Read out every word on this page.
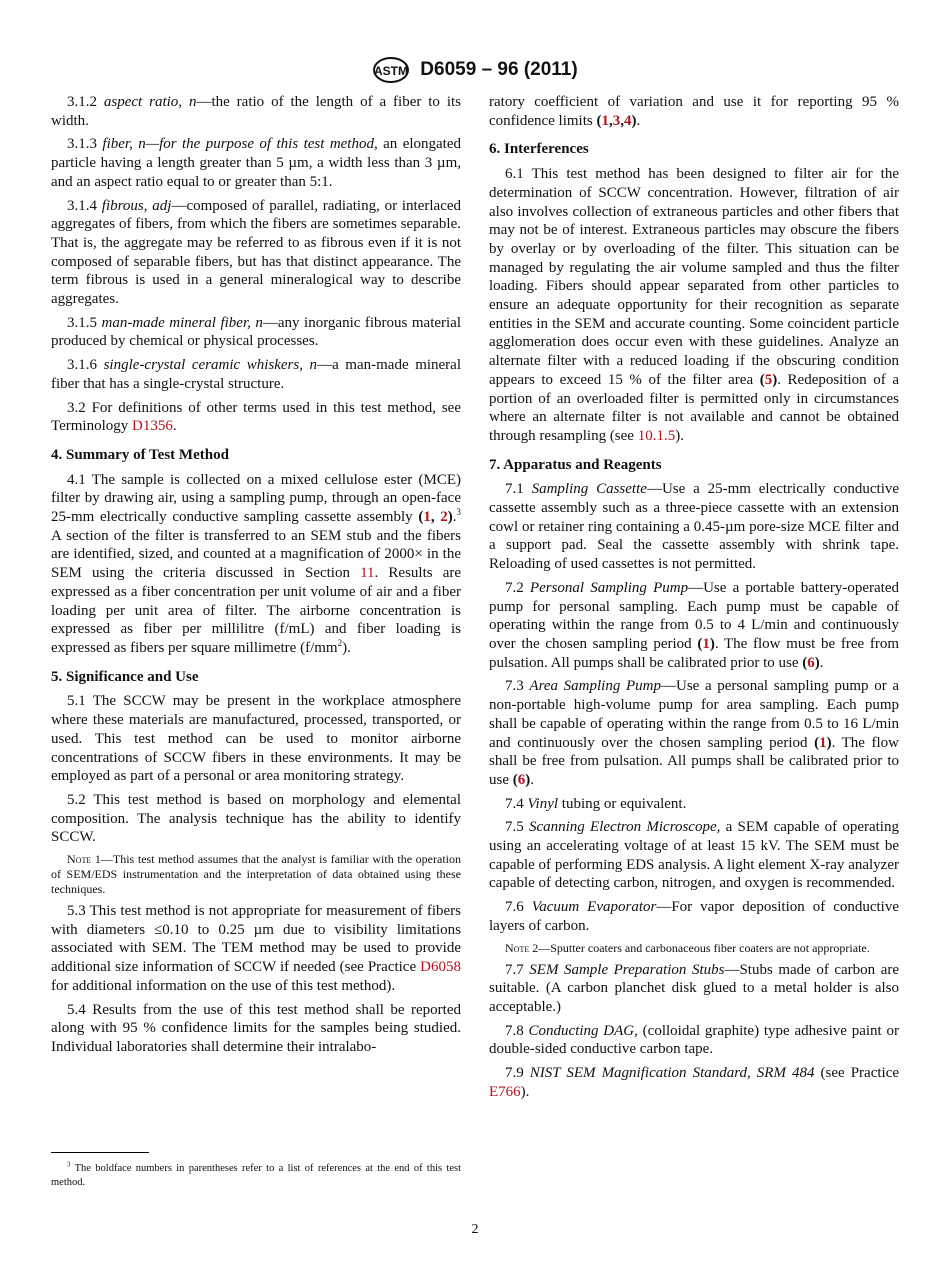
ASTM D6059 – 96 (2011)
3.1.2 aspect ratio, n—the ratio of the length of a fiber to its width.
3.1.3 fiber, n—for the purpose of this test method, an elongated particle having a length greater than 5 µm, a width less than 3 µm, and an aspect ratio equal to or greater than 5:1.
3.1.4 fibrous, adj—composed of parallel, radiating, or interlaced aggregates of fibers, from which the fibers are sometimes separable. That is, the aggregate may be referred to as fibrous even if it is not composed of separable fibers, but has that distinct appearance. The term fibrous is used in a general mineralogical way to describe aggregates.
3.1.5 man-made mineral fiber, n—any inorganic fibrous material produced by chemical or physical processes.
3.1.6 single-crystal ceramic whiskers, n—a man-made mineral fiber that has a single-crystal structure.
3.2 For definitions of other terms used in this test method, see Terminology D1356.
4. Summary of Test Method
4.1 The sample is collected on a mixed cellulose ester (MCE) filter by drawing air, using a sampling pump, through an open-face 25-mm electrically conductive sampling cassette assembly (1, 2).$^3$ A section of the filter is transferred to an SEM stub and the fibers are identified, sized, and counted at a magnification of 2000× in the SEM using the criteria discussed in Section 11. Results are expressed as a fiber concentration per unit volume of air and a fiber loading per unit area of filter. The airborne concentration is expressed as fiber per millilitre (f/mL) and fiber loading is expressed as fibers per square millimetre $(f/mm^2)$.
5. Significance and Use
5.1 The SCCW may be present in the workplace atmosphere where these materials are manufactured, processed, transported, or used. This test method can be used to monitor airborne concentrations of SCCW fibers in these environments. It may be employed as part of a personal or area monitoring strategy.
5.2 This test method is based on morphology and elemental composition. The analysis technique has the ability to identify SCCW.
Note 1—This test method assumes that the analyst is familiar with the operation of SEM/EDS instrumentation and the interpretation of data obtained using these techniques.
5.3 This test method is not appropriate for measurement of fibers with diameters ≤0.10 to 0.25 µm due to visibility limitations associated with SEM. The TEM method may be used to provide additional size information of SCCW if needed (see Practice D6058 for additional information on the use of this test method).
5.4 Results from the use of this test method shall be reported along with 95 % confidence limits for the samples being studied. Individual laboratories shall determine their intralabo-
ratory coefficient of variation and use it for reporting 95 % confidence limits (1,3,4).
6. Interferences
6.1 This test method has been designed to filter air for the determination of SCCW concentration. However, filtration of air also involves collection of extraneous particles and other fibers that may not be of interest. Extraneous particles may obscure the fibers by overlay or by overloading of the filter. This situation can be managed by regulating the air volume sampled and thus the filter loading. Fibers should appear separated from other particles to ensure an adequate opportunity for their recognition as separate entities in the SEM and accurate counting. Some coincident particle agglomeration does occur even with these guidelines. Analyze an alternate filter with a reduced loading if the obscuring condition appears to exceed 15 % of the filter area (5). Redeposition of a portion of an overloaded filter is permitted only in circumstances where an alternate filter is not available and cannot be obtained through resampling (see 10.1.5).
7. Apparatus and Reagents
7.1 Sampling Cassette—Use a 25-mm electrically conductive cassette assembly such as a three-piece cassette with an extension cowl or retainer ring containing a 0.45-µm pore-size MCE filter and a support pad. Seal the cassette assembly with shrink tape. Reloading of used cassettes is not permitted.
7.2 Personal Sampling Pump—Use a portable battery-operated pump for personal sampling. Each pump must be capable of operating within the range from 0.5 to 4 L/min and continuously over the chosen sampling period (1). The flow must be free from pulsation. All pumps shall be calibrated prior to use (6).
7.3 Area Sampling Pump—Use a personal sampling pump or a non-portable high-volume pump for area sampling. Each pump shall be capable of operating within the range from 0.5 to 16 L/min and continuously over the chosen sampling period (1). The flow shall be free from pulsation. All pumps shall be calibrated prior to use (6).
7.4 Vinyl tubing or equivalent.
7.5 Scanning Electron Microscope, a SEM capable of operating using an accelerating voltage of at least 15 kV. The SEM must be capable of performing EDS analysis. A light element X-ray analyzer capable of detecting carbon, nitrogen, and oxygen is recommended.
7.6 Vacuum Evaporator—For vapor deposition of conductive layers of carbon.
Note 2—Sputter coaters and carbonaceous fiber coaters are not appropriate.
7.7 SEM Sample Preparation Stubs—Stubs made of carbon are suitable. (A carbon planchet disk glued to a metal holder is also acceptable.)
7.8 Conducting DAG, (colloidal graphite) type adhesive paint or double-sided conductive carbon tape.
7.9 NIST SEM Magnification Standard, SRM 484 (see Practice E766).
$^3$ The boldface numbers in parentheses refer to a list of references at the end of this test method.
2
